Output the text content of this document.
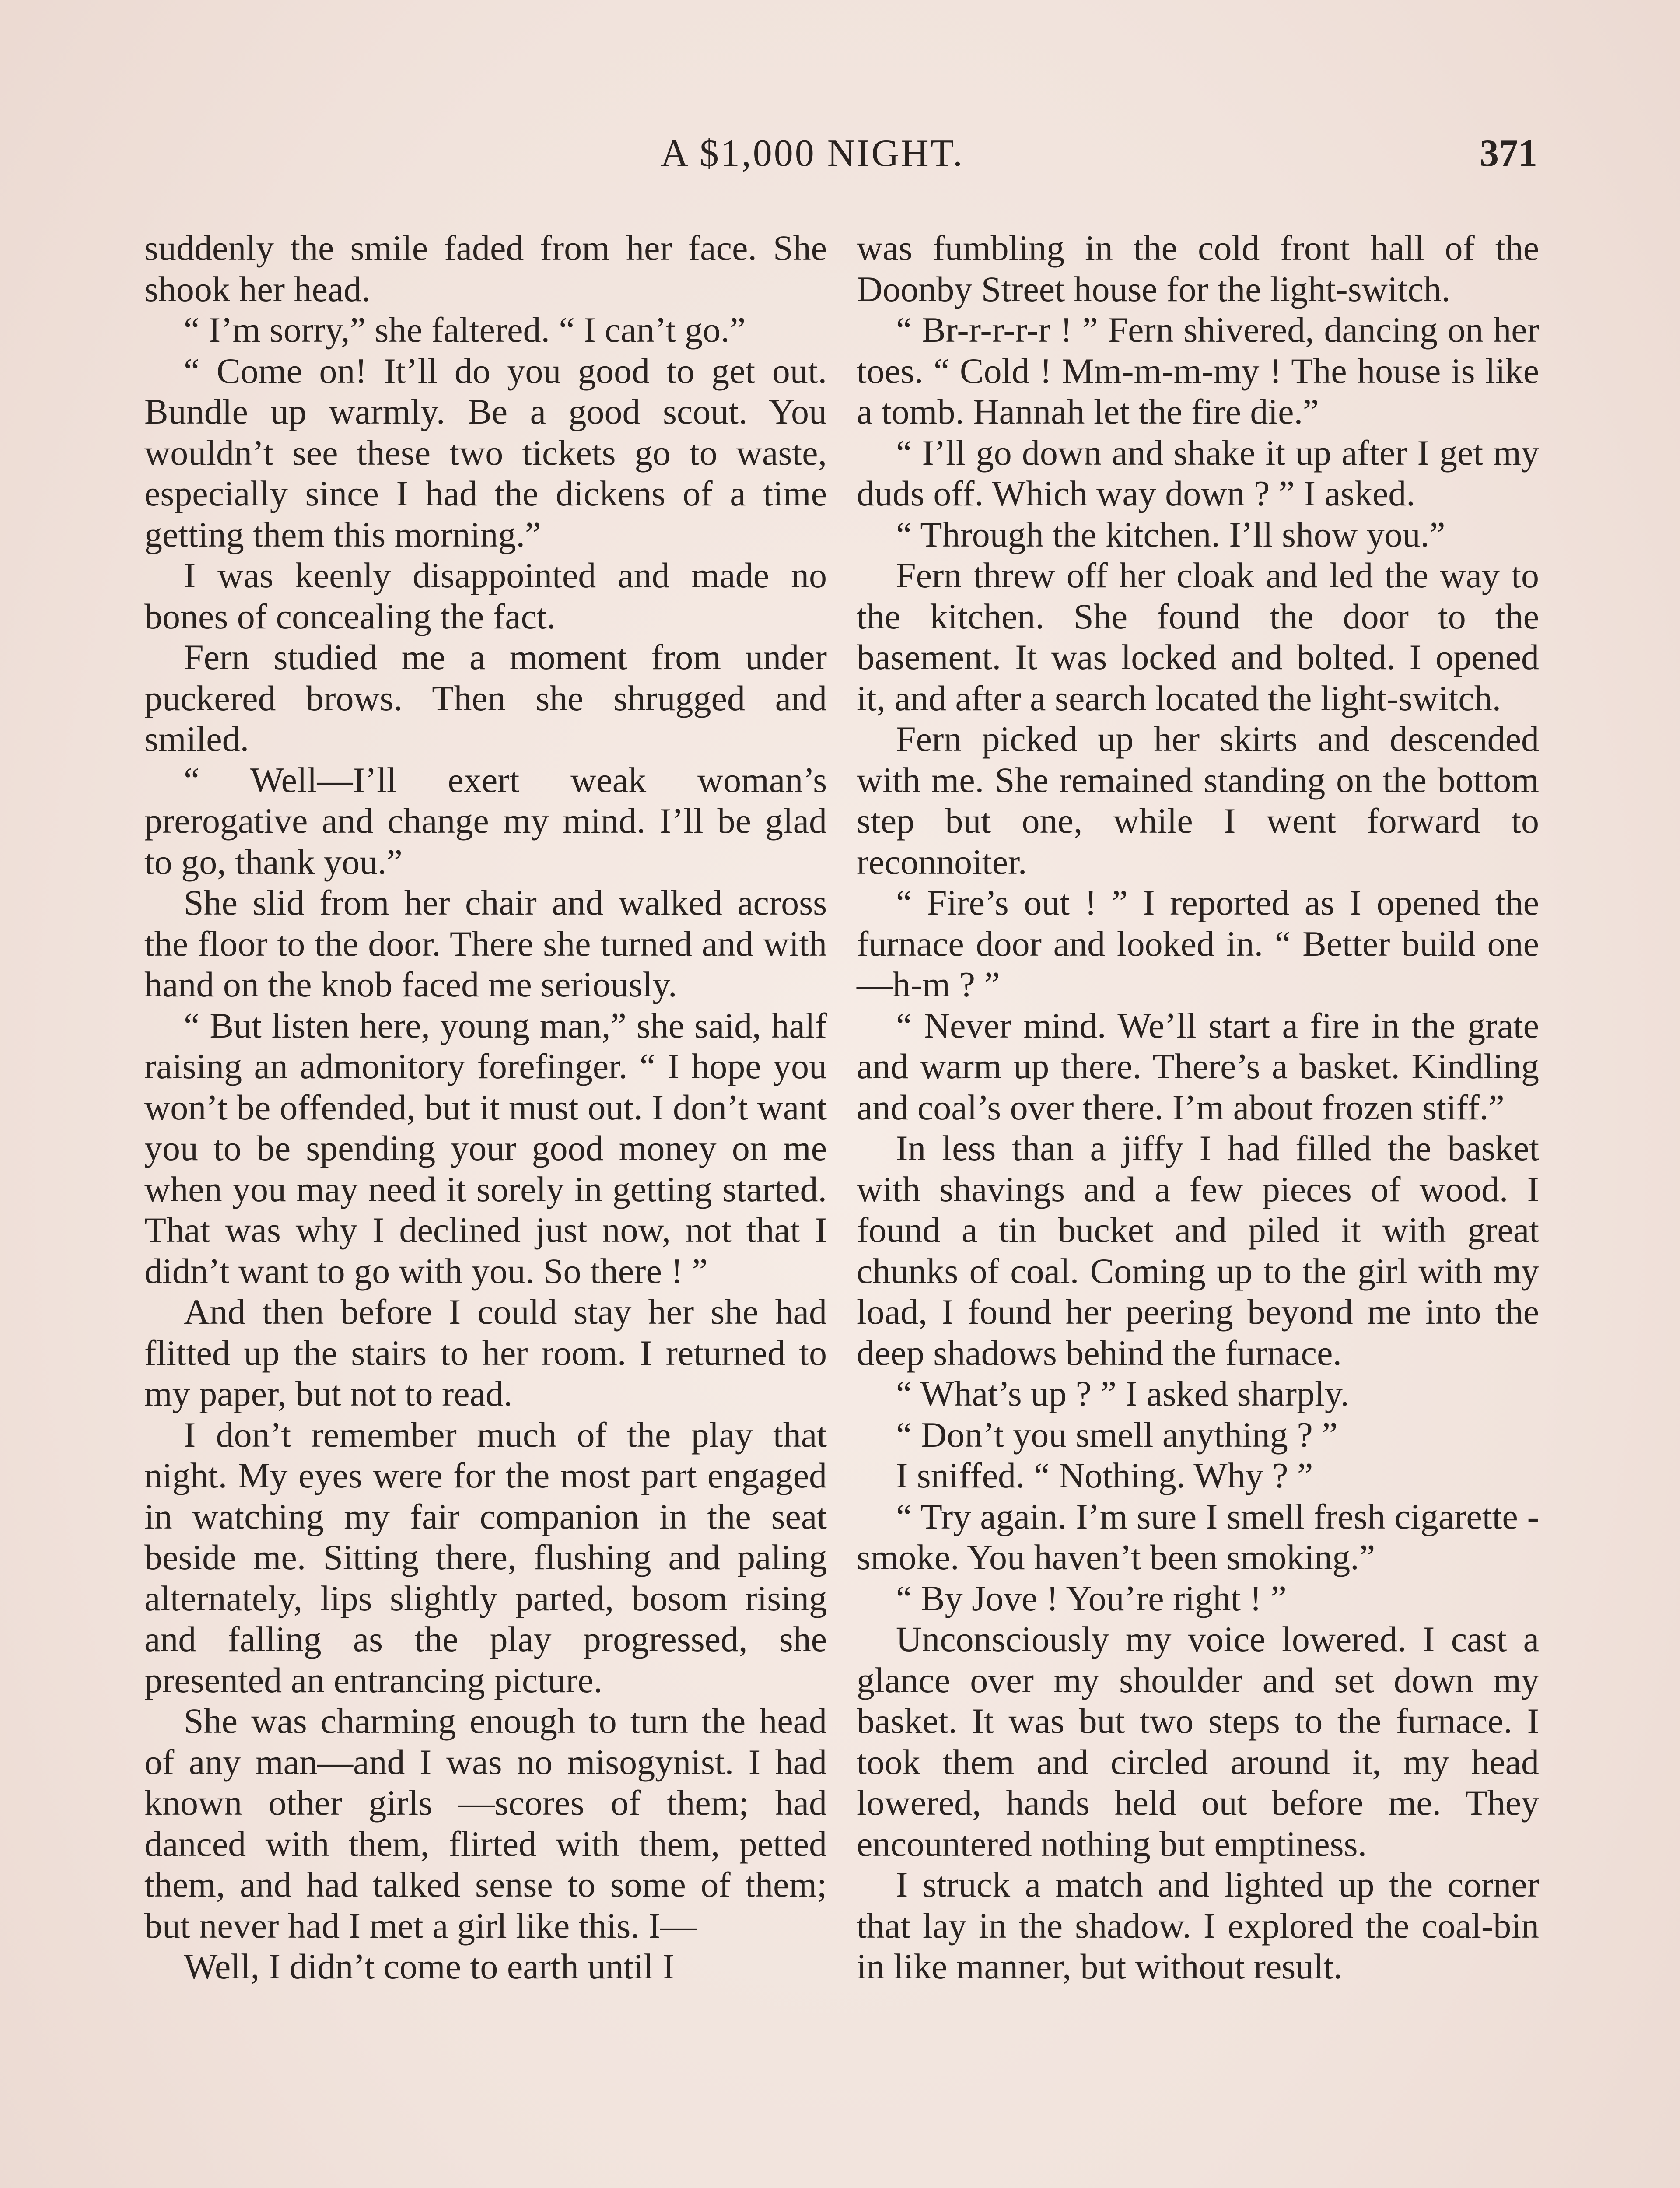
A $1,000 NIGHT.	371

suddenly the smile faded from her face. She shook her head.

“ I’m sorry,” she faltered. “ I can’t go.”

“ Come on! It’ll do you good to get out. Bundle up warmly. Be a good scout. You wouldn’t see these two tickets go to waste, especially since I had the dickens of a time getting them this morning.”

I was keenly disappointed and made no bones of concealing the fact.

Fern studied me a moment from under puckered brows. Then she shrugged and smiled.

“ Well—I’ll exert weak woman’s prerogative and change my mind. I’ll be glad to go, thank you.”

She slid from her chair and walked across the floor to the door. There she turned and with hand on the knob faced me seriously.

“ But listen here, young man,” she said, half raising an admonitory forefinger. “ I hope you won’t be offended, but it must out. I don’t want you to be spending your good money on me when you may need it sorely in getting started. That was why I declined just now, not that I didn’t want to go with you. So there ! ”

And then before I could stay her she had flitted up the stairs to her room. I returned to my paper, but not to read.

I don’t remember much of the play that night. My eyes were for the most part engaged in watching my fair companion in the seat beside me. Sitting there, flushing and paling alternately, lips slightly parted, bosom rising and falling as the play progressed, she presented an entrancing picture.

She was charming enough to turn the head of any man—and I was no misogynist. I had known other girls —scores of them; had danced with them, flirted with them, petted them, and had talked sense to some of them; but never had I met a girl like this. I—

Well, I didn’t come to earth until I

was fumbling in the cold front hall of the Doonby Street house for the light-switch.

“ Br-r-r-r-r ! ” Fern shivered, dancing on her toes. “ Cold ! Mm-m-m-my ! The house is like a tomb. Hannah let the fire die.”

“ I’ll go down and shake it up after I get my duds off. Which way down ? ” I asked.

“ Through the kitchen. I’ll show you.”

Fern threw off her cloak and led the way to the kitchen. She found the door to the basement. It was locked and bolted. I opened it, and after a search located the light-switch.

Fern picked up her skirts and descended with me. She remained standing on the bottom step but one, while I went forward to reconnoiter.

“ Fire’s out ! ” I reported as I opened the furnace door and looked in. “ Better build one—h-m ? ”

“ Never mind. We’ll start a fire in the grate and warm up there. There’s a basket. Kindling and coal’s over there. I’m about frozen stiff.”

In less than a jiffy I had filled the basket with shavings and a few pieces of wood. I found a tin bucket and piled it with great chunks of coal. Coming up to the girl with my load, I found her peering beyond me into the deep shadows behind the furnace.

“ What’s up ? ” I asked sharply.

“ Don’t you smell anything ? ”

I sniffed. “ Nothing. Why ? ”

“ Try again. I’m sure I smell fresh cigarette - smoke. You haven’t been smoking.”

“ By Jove ! You’re right ! ”

Unconsciously my voice lowered. I cast a glance over my shoulder and set down my basket. It was but two steps to the furnace. I took them and circled around it, my head lowered, hands held out before me. They encountered nothing but emptiness.

I struck a match and lighted up the corner that lay in the shadow. I explored the coal-bin in like manner, but without result.
